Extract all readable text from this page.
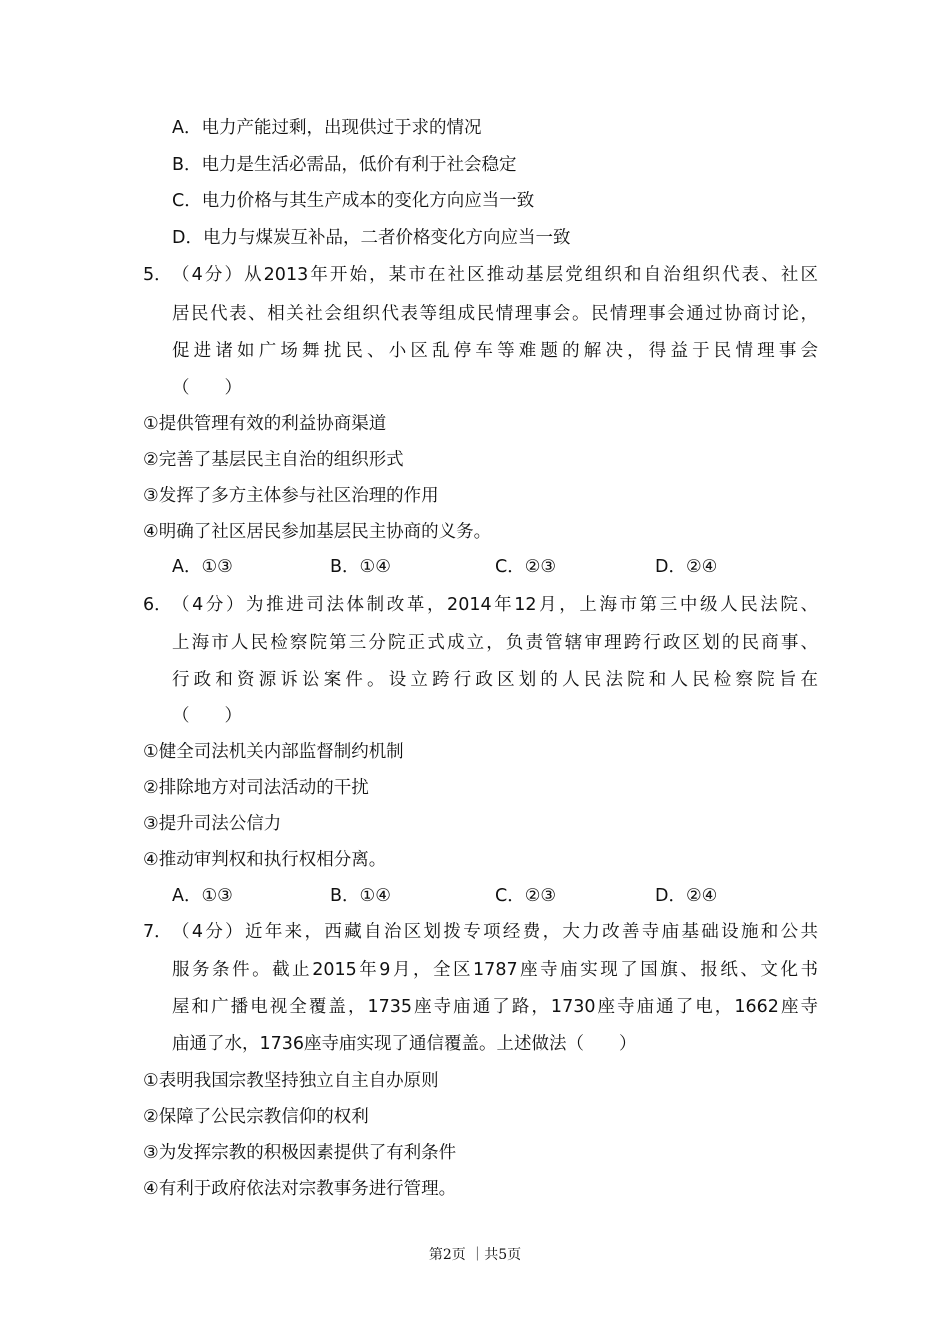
A．电力产能过剩，出现供过于求的情况
B．电力是生活必需品，低价有利于社会稳定
C．电力价格与其生产成本的变化方向应当一致
D．电力与煤炭互补品，二者价格变化方向应当一致
5． （4分）从2013年开始，某市在社区推动基层党组织和自治组织代表、社区
居民代表、相关社会组织代表等组成民情理事会。民情理事会通过协商讨论，
促进诸如广场舞扰民、小区乱停车等难题的解决，得益于民情理事会
（　　）
①提供管理有效的利益协商渠道
②完善了基层民主自治的组织形式
③发挥了多方主体参与社区治理的作用
④明确了社区居民参加基层民主协商的义务。
A．①③	B．①④	C．②③	D．②④
6． （4分）为推进司法体制改革，2014年12月，上海市第三中级人民法院、
上海市人民检察院第三分院正式成立，负责管辖审理跨行政区划的民商事、
行政和资源诉讼案件。设立跨行政区划的人民法院和人民检察院旨在
（　　）
①健全司法机关内部监督制约机制
②排除地方对司法活动的干扰
③提升司法公信力
④推动审判权和执行权相分离。
A．①③	B．①④	C．②③	D．②④
7． （4分）近年来，西藏自治区划拨专项经费，大力改善寺庙基础设施和公共
服务条件。截止2015年9月，全区1787座寺庙实现了国旗、报纸、文化书
屋和广播电视全覆盖，1735座寺庙通了路，1730座寺庙通了电，1662座寺
庙通了水，1736座寺庙实现了通信覆盖。上述做法（　　）
①表明我国宗教坚持独立自主自办原则
②保障了公民宗教信仰的权利
③为发挥宗教的积极因素提供了有利条件
④有利于政府依法对宗教事务进行管理。
第2页 ｜共5页
